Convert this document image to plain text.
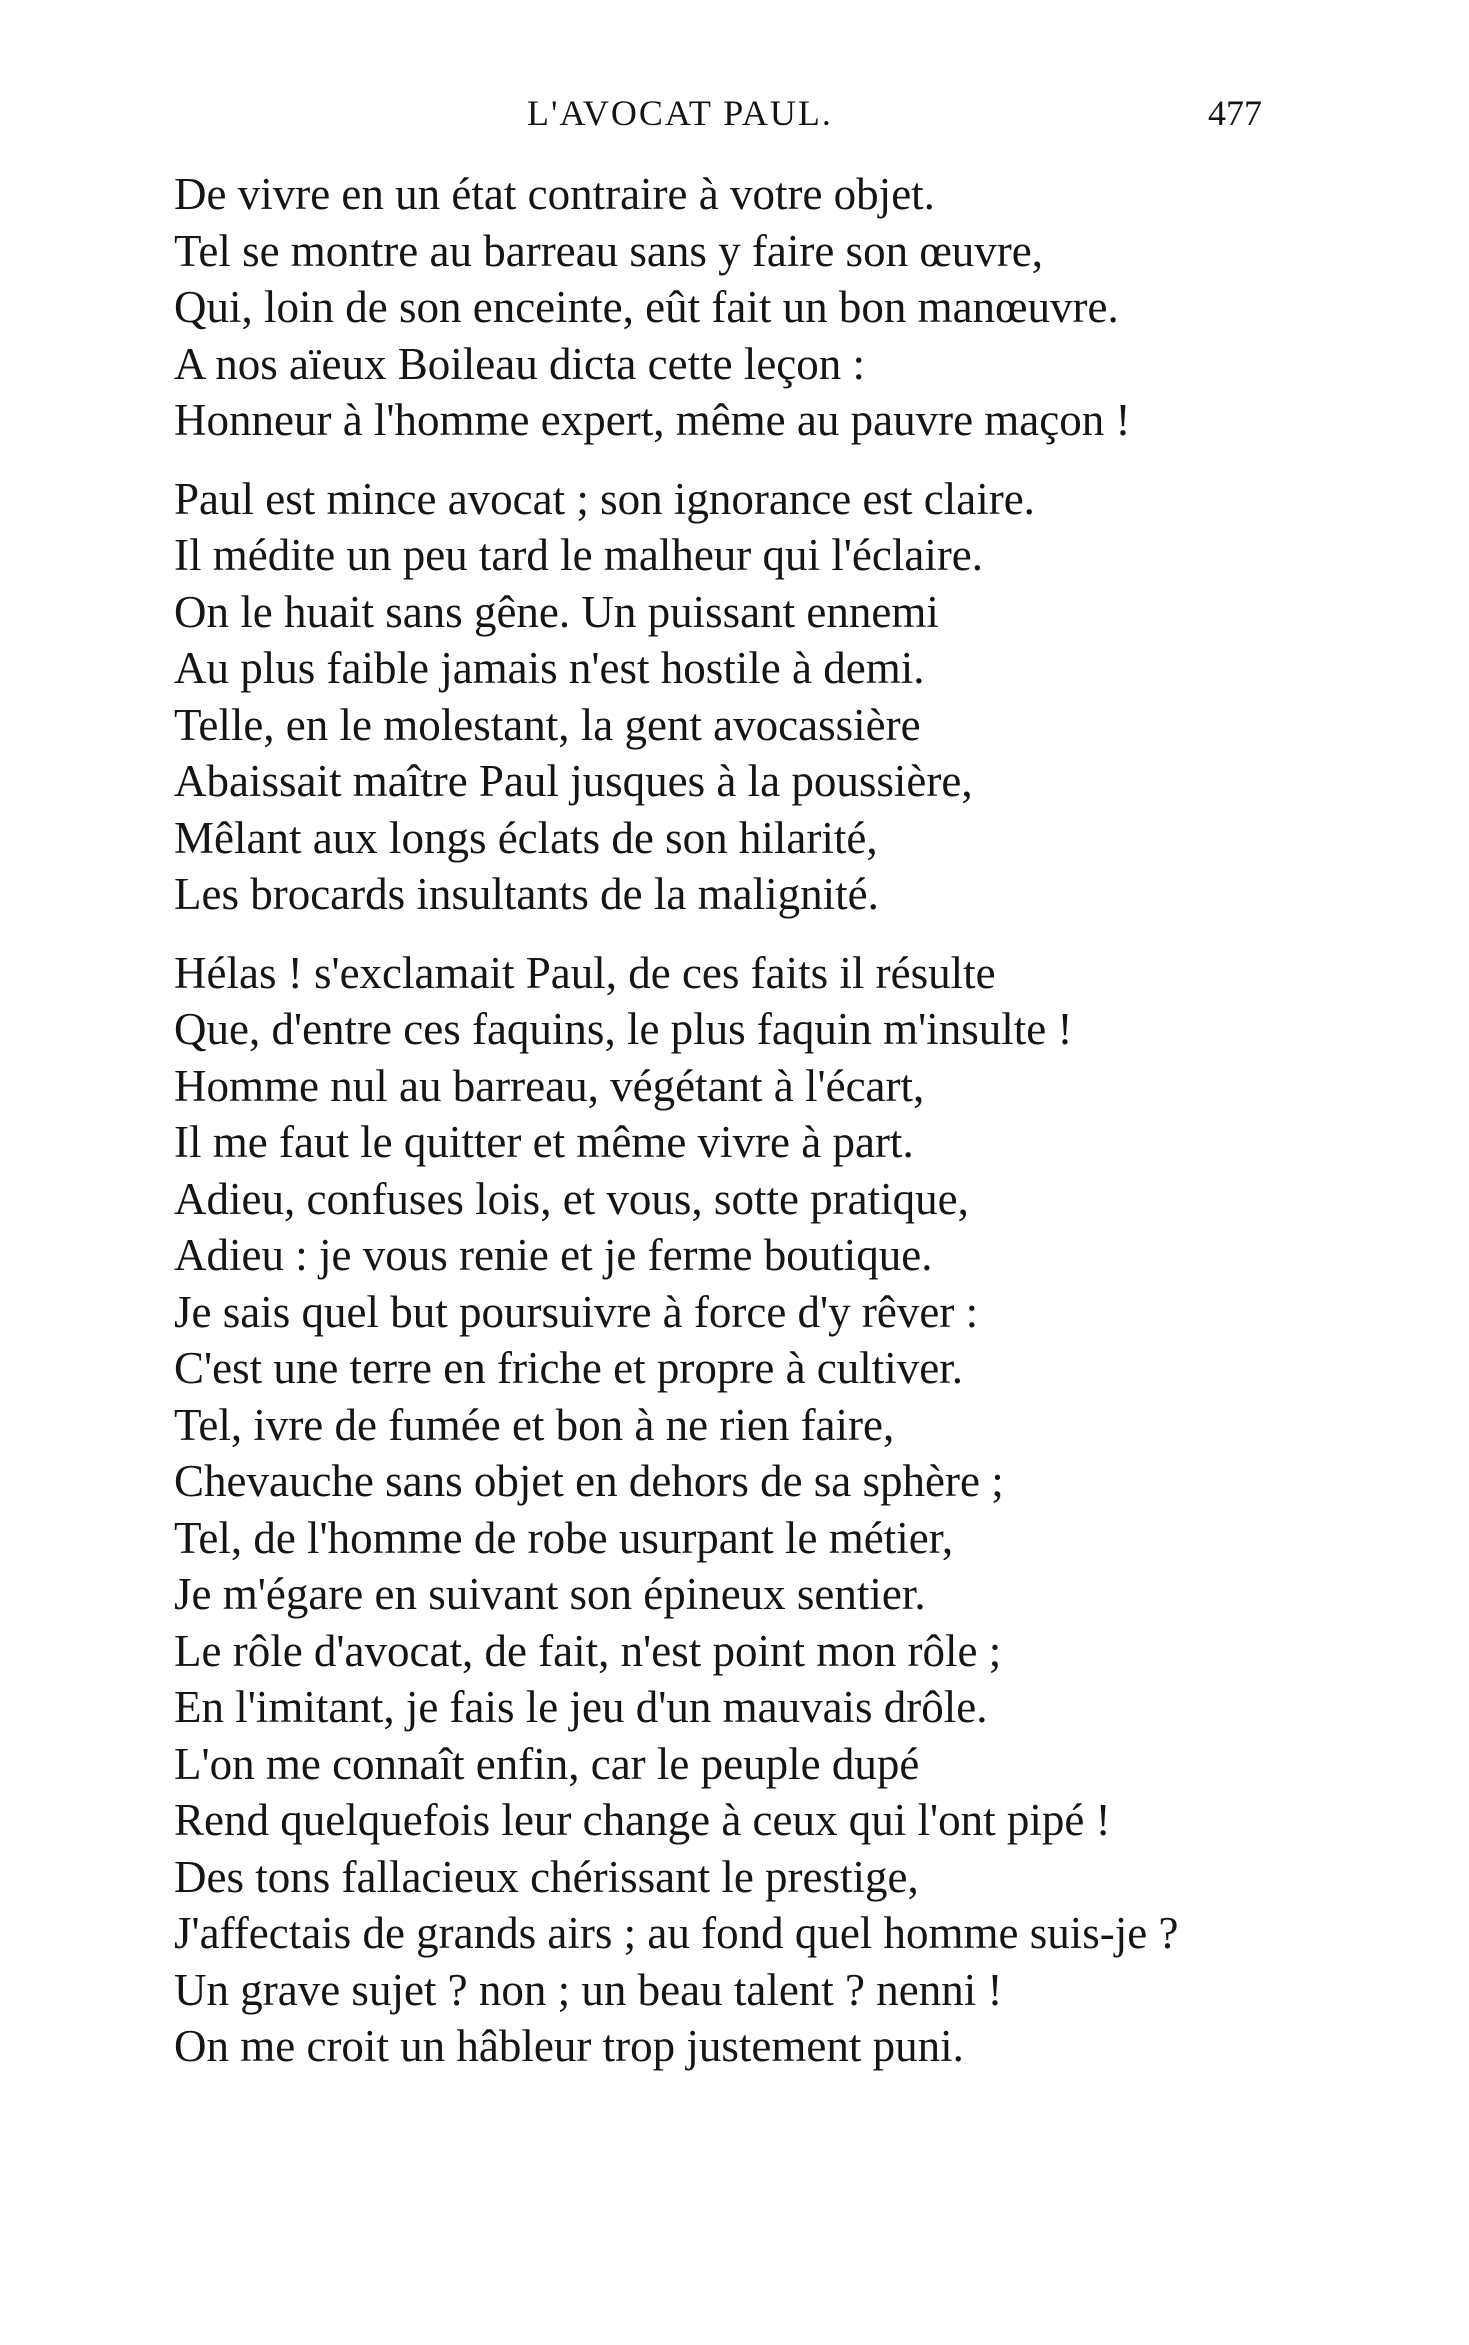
L'AVOCAT PAUL.	477
De vivre en un état contraire à votre objet.
Tel se montre au barreau sans y faire son œuvre,
Qui, loin de son enceinte, eût fait un bon manœuvre.
A nos aïeux Boileau dicta cette leçon :
Honneur à l'homme expert, même au pauvre maçon !
Paul est mince avocat ; son ignorance est claire.
Il médite un peu tard le malheur qui l'éclaire.
On le huait sans gêne. Un puissant ennemi
Au plus faible jamais n'est hostile à demi.
Telle, en le molestant, la gent avocassière
Abaissait maître Paul jusques à la poussière,
Mêlant aux longs éclats de son hilarité,
Les brocards insultants de la malignité.
Hélas ! s'exclamait Paul, de ces faits il résulte
Que, d'entre ces faquins, le plus faquin m'insulte !
Homme nul au barreau, végétant à l'écart,
Il me faut le quitter et même vivre à part.
Adieu, confuses lois, et vous, sotte pratique,
Adieu : je vous renie et je ferme boutique.
Je sais quel but poursuivre à force d'y rêver :
C'est une terre en friche et propre à cultiver.
Tel, ivre de fumée et bon à ne rien faire,
Chevauche sans objet en dehors de sa sphère ;
Tel, de l'homme de robe usurpant le métier,
Je m'égare en suivant son épineux sentier.
Le rôle d'avocat, de fait, n'est point mon rôle ;
En l'imitant, je fais le jeu d'un mauvais drôle.
L'on me connaît enfin, car le peuple dupé
Rend quelquefois leur change à ceux qui l'ont pipé !
Des tons fallacieux chérissant le prestige,
J'affectais de grands airs ; au fond quel homme suis-je ?
Un grave sujet ? non ; un beau talent ? nenni !
On me croit un hâbleur trop justement puni.
